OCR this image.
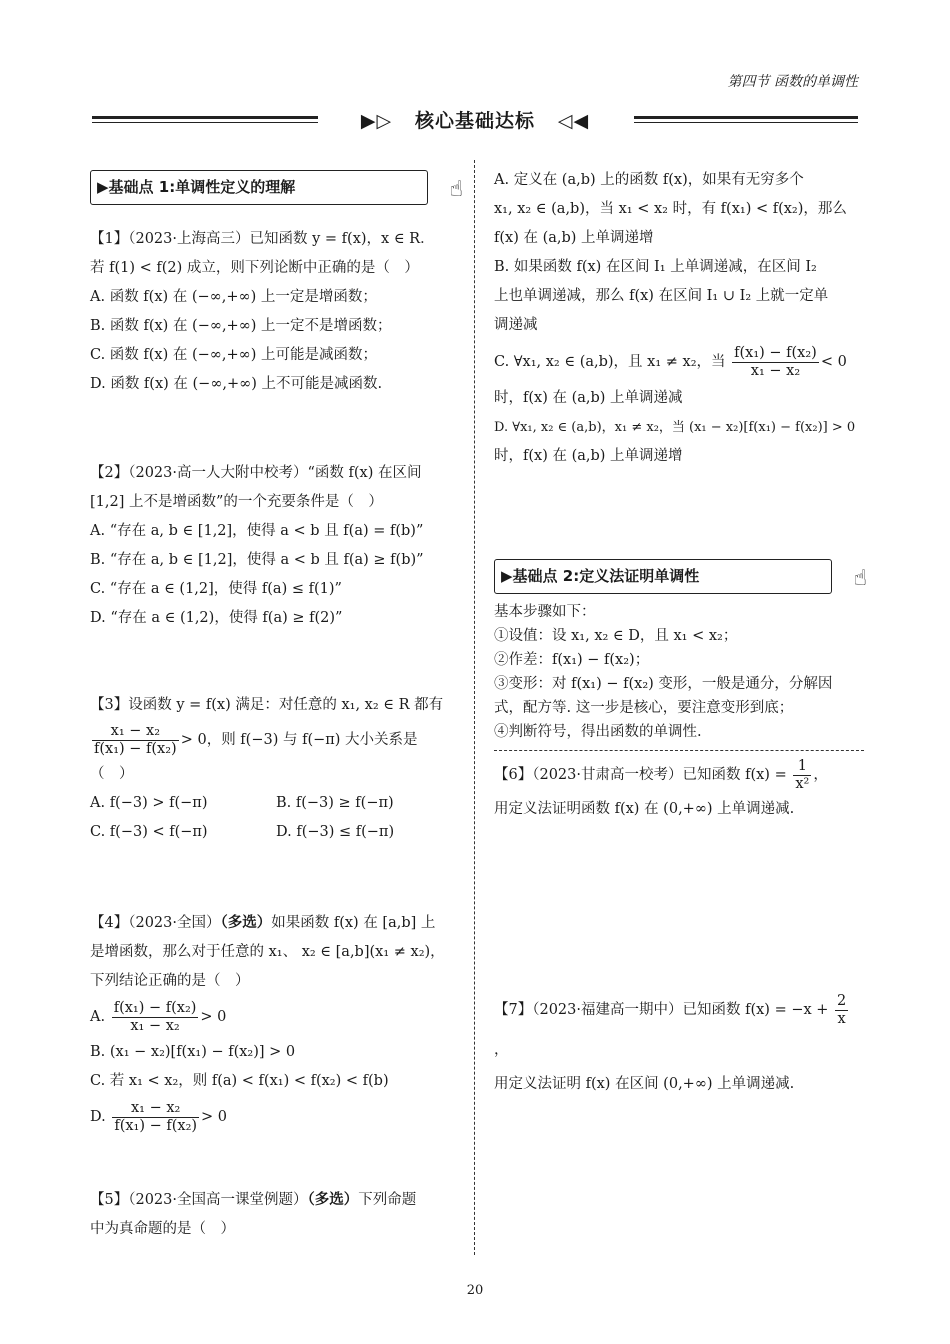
第四节 函数的单调性
▶▷ 核心基础达标 ◁◀
▶基础点 1:单调性定义的理解	☝

【1】（2023·上海高三）已知函数 y = f(x)，x ∈ R．

若 f(1) < f(2) 成立，则下列论断中正确的是（　）

A. 函数 f(x) 在 (−∞,+∞) 上一定是增函数；

B. 函数 f(x) 在 (−∞,+∞) 上一定不是增函数；

C. 函数 f(x) 在 (−∞,+∞) 上可能是减函数；

D. 函数 f(x) 在 (−∞,+∞) 上不可能是减函数.

【2】（2023·高一人大附中校考）“函数 f(x) 在区间

[1,2] 上不是增函数”的一个充要条件是（　）

A. “存在 a, b ∈ [1,2]，使得 a < b 且 f(a) = f(b)”

B. “存在 a, b ∈ [1,2]，使得 a < b 且 f(a) ≥ f(b)”

C. “存在 a ∈ (1,2]，使得 f(a) ≤ f(1)”

D. “存在 a ∈ (1,2)，使得 f(a) ≥ f(2)”

【3】设函数 y = f(x) 满足：对任意的 x₁, x₂ ∈ R 都有

$\frac{\text{x₁ − x₂}}{\text{f(x₁) − f(x₂)}} > 0$，则 f(−3) 与 f(−π) 大小关系是

（　）

A. f(−3) > f(−π)	B. f(−3) ≥ f(−π)
C. f(−3) < f(−π)	D. f(−3) ≤ f(−π)

【4】（2023·全国）（多选）如果函数 f(x) 在 [a,b] 上

是增函数，那么对于任意的 x₁、 x₂ ∈ [a,b](x₁ ≠ x₂)，

下列结论正确的是（　）

A. $\frac{\text{f(x₁) − f(x₂)}}{\text{x₁ − x₂}} > 0$

B. (x₁ − x₂)[f(x₁) − f(x₂)] > 0

C. 若 x₁ < x₂，则 f(a) < f(x₁) < f(x₂) < f(b)

D. $\frac{\text{x₁ − x₂}}{\text{f(x₁) − f(x₂)}} > 0$

【5】（2023·全国高一课堂例题）（多选）下列命题

中为真命题的是（　）

A. 定义在 (a,b) 上的函数 f(x)，如果有无穷多个

x₁, x₂ ∈ (a,b)，当 x₁ < x₂ 时，有 f(x₁) < f(x₂)，那么

f(x) 在 (a,b) 上单调递增

B. 如果函数 f(x) 在区间 I₁ 上单调递减，在区间 I₂

上也单调递减，那么 f(x) 在区间 I₁ ∪ I₂ 上就一定单

调递减

C. ∀x₁, x₂ ∈ (a,b)，且 x₁ ≠ x₂，当 $\frac{\text{f(x₁) − f(x₂)}}{\text{x₁ − x₂}} < 0$

时，f(x) 在 (a,b) 上单调递减

D. ∀x₁, x₂ ∈ (a,b)，x₁ ≠ x₂，当 (x₁ − x₂)[f(x₁) − f(x₂)] > 0

时，f(x) 在 (a,b) 上单调递增

▶基础点 2:定义法证明单调性	☝

基本步骤如下：

①设值：设 x₁, x₂ ∈ D，且 x₁ < x₂；

②作差：f(x₁) − f(x₂)；

③变形：对 f(x₁) − f(x₂) 变形，一般是通分，分解因

式，配方等. 这一步是核心，要注意变形到底；

④判断符号，得出函数的单调性.

【6】（2023·甘肃高一校考）已知函数 $f(x) = \frac{1}{\text{x²}}$ ，

用定义法证明函数 f(x) 在 (0,+∞) 上单调递减.

【7】（2023·福建高一期中）已知函数 $f(x) = -x + \frac{2}{x}$
，

用定义法证明 f(x) 在区间 (0,+∞) 上单调递减.

20
